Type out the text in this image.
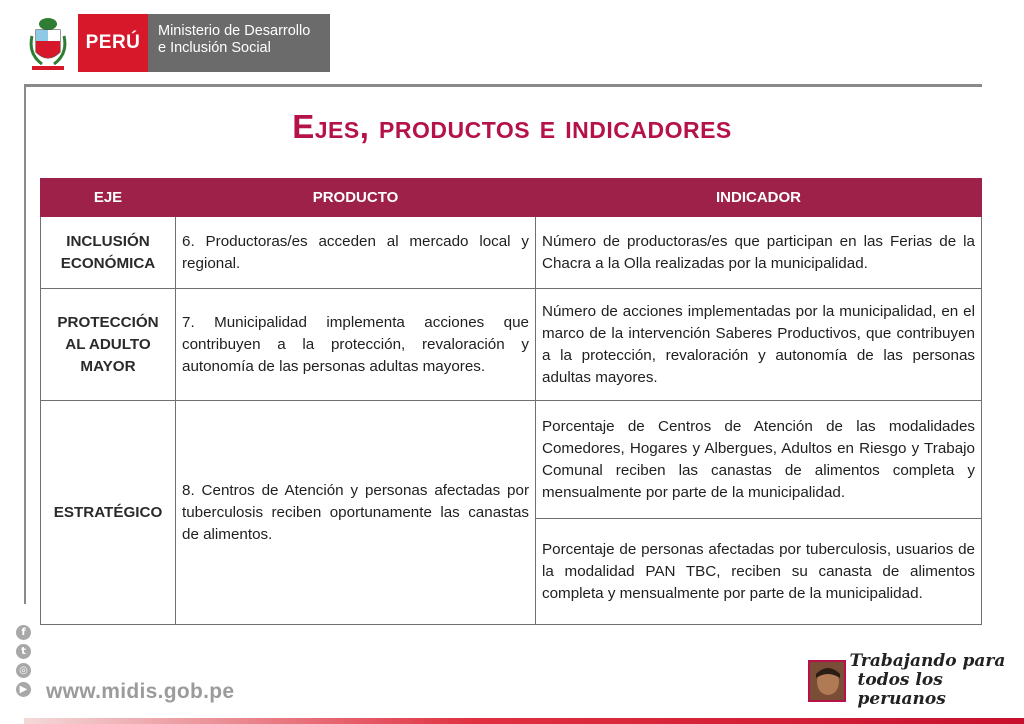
PERÚ
Ministerio de Desarrollo
e Inclusión Social
Ejes, productos e indicadores
EJE	PRODUCTO	INDICADOR
INCLUSIÓN ECONÓMICA	6. Productoras/es acceden al mercado local y regional.	Número de productoras/es que participan en las Ferias de la Chacra a la Olla realizadas por la municipalidad.
PROTECCIÓN AL ADULTO MAYOR	7. Municipalidad implementa acciones que contribuyen a la protección, revaloración y autonomía de las personas adultas mayores.	Número de acciones implementadas por la municipalidad, en el marco de la intervención Saberes Productivos, que contribuyen a la protección, revaloración y autonomía de las personas adultas mayores.
ESTRATÉGICO	8. Centros de Atención y personas afectadas por tuberculosis reciben oportunamente las canastas de alimentos.	Porcentaje de Centros de Atención de las modalidades Comedores, Hogares y Albergues, Adultos en Riesgo y Trabajo Comunal reciben las canastas de alimentos completa y mensualmente por parte de la municipalidad.
		Porcentaje de personas afectadas por tuberculosis, usuarios de la modalidad PAN TBC, reciben su canasta de alimentos completa y mensualmente por parte de la municipalidad.
f
t
◎
▶ www.midis.gob.pe
Trabajando para
todos los peruanos
